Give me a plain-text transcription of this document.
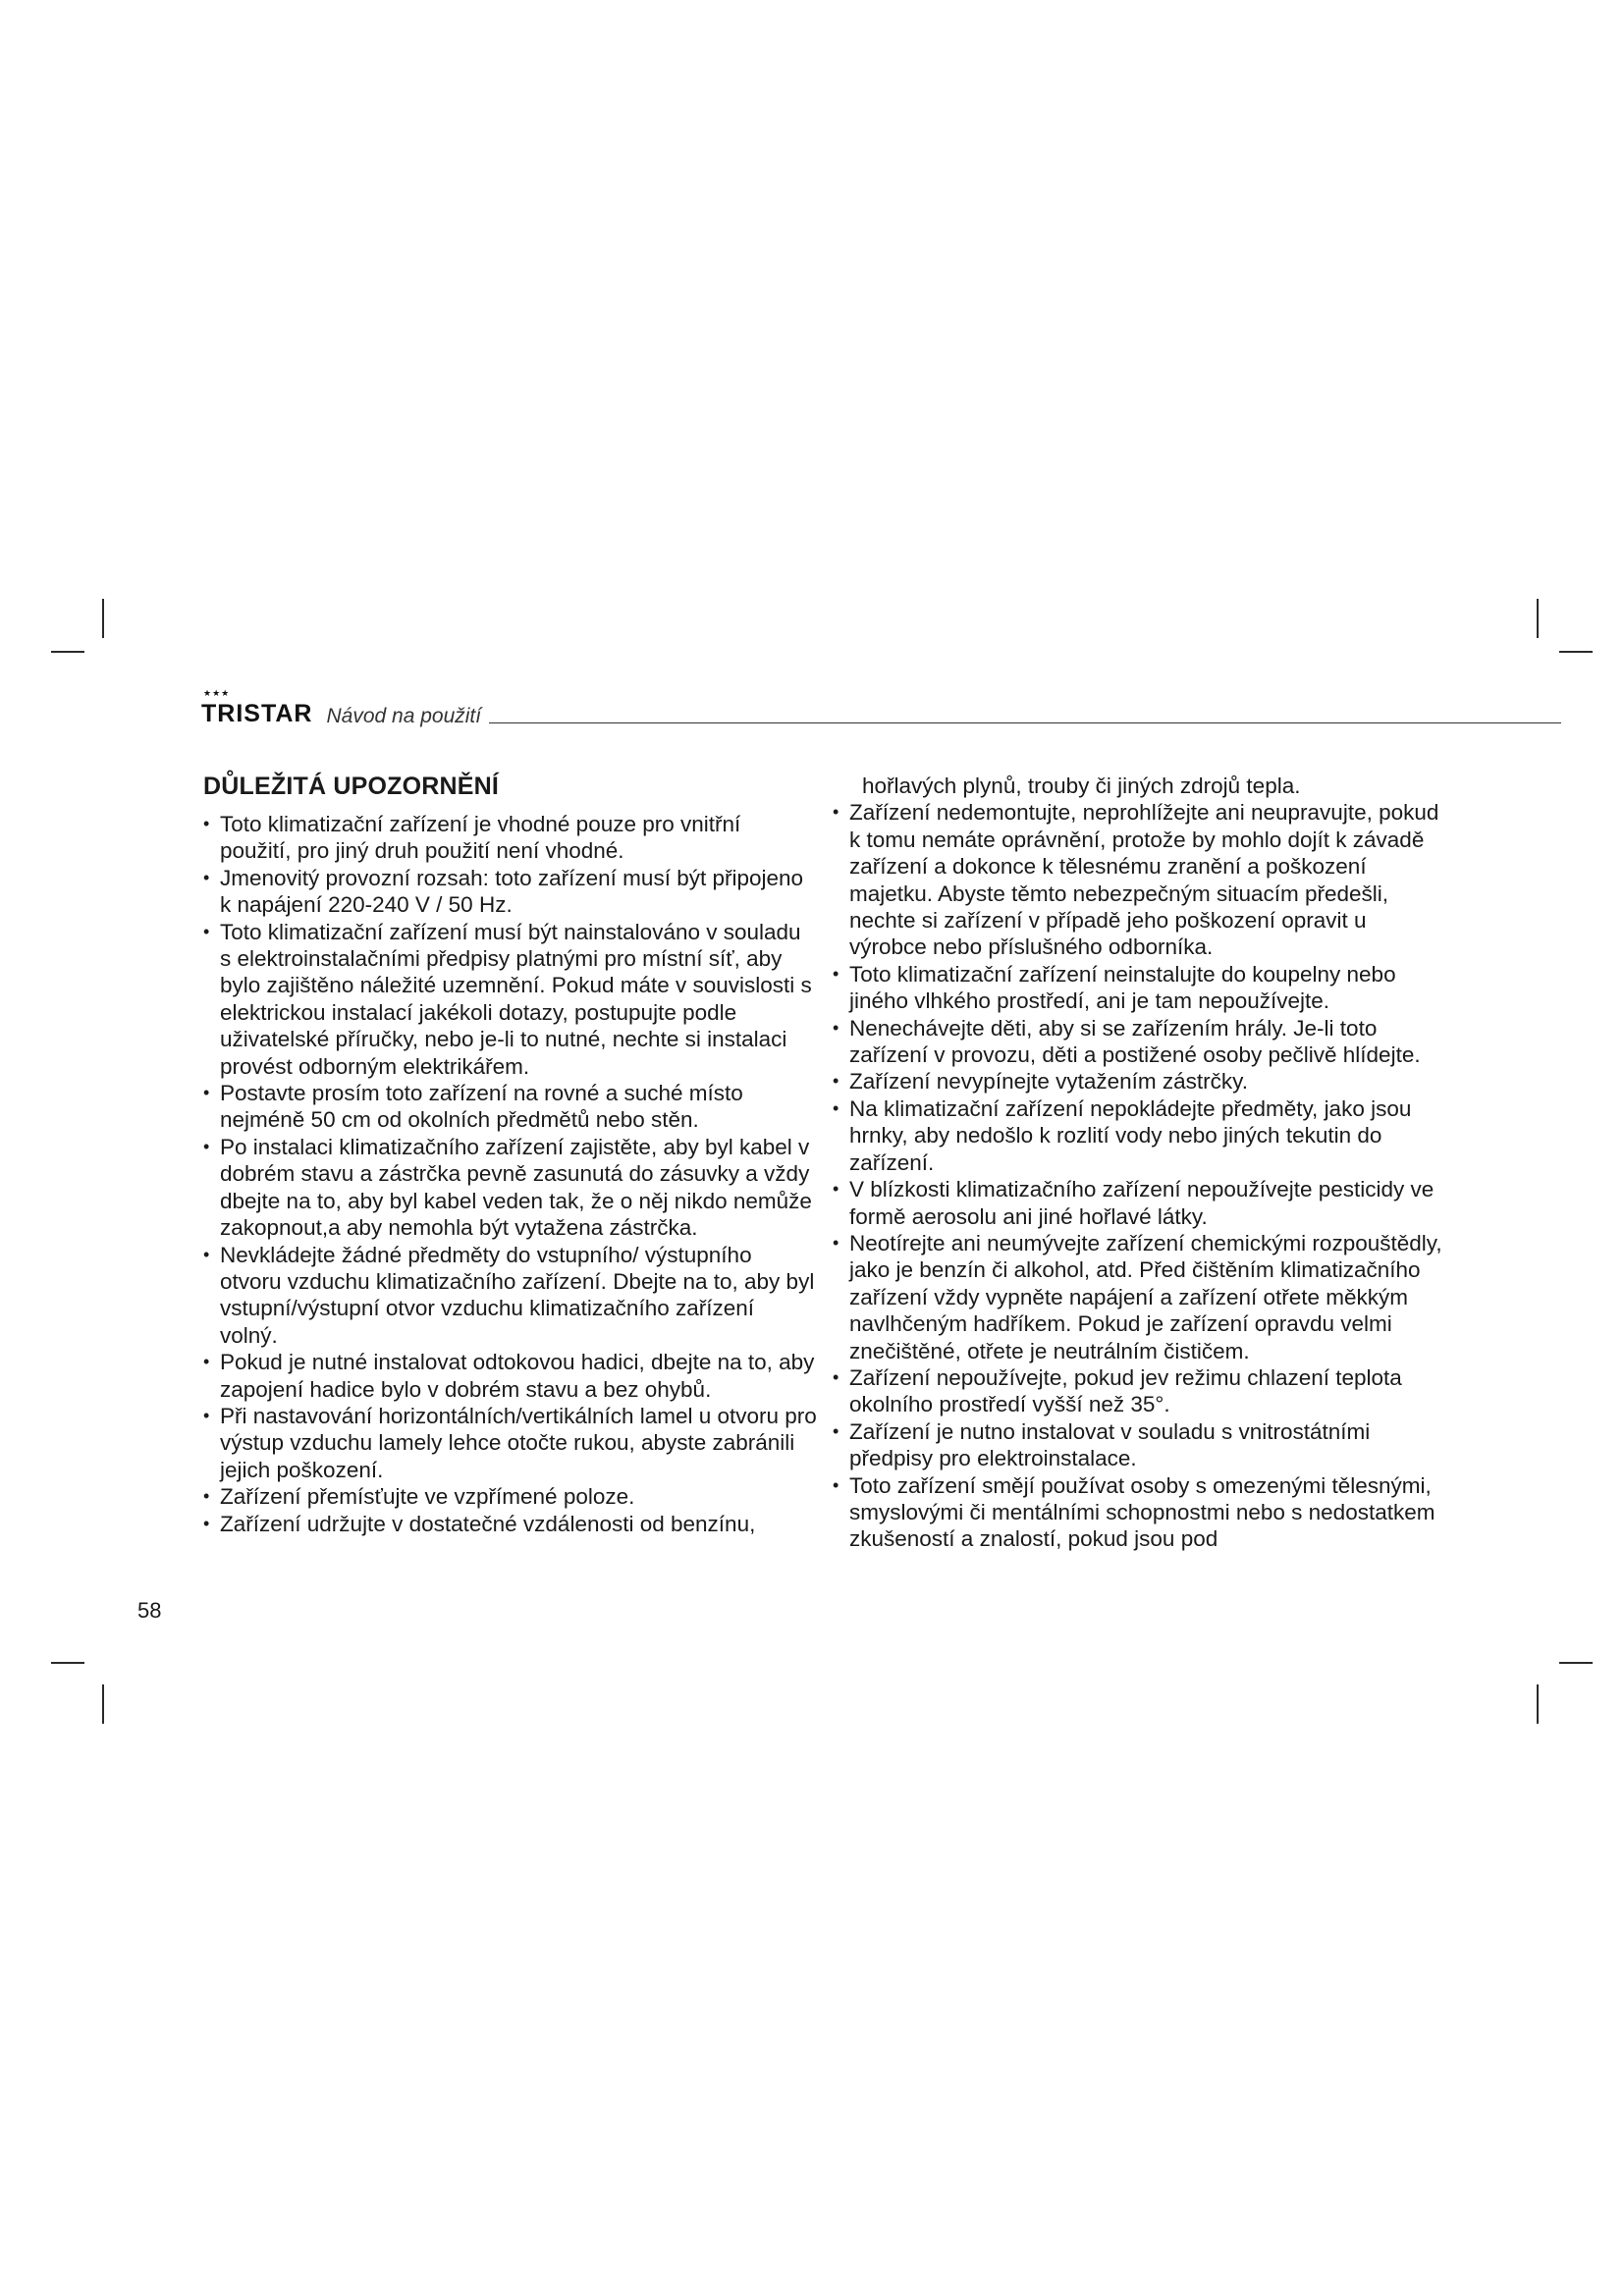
★★★
TRISTAR Návod na použití
DŮLEŽITÁ UPOZORNĚNÍ
• Toto klimatizační zařízení je vhodné pouze pro vnitřní použití, pro jiný druh použití není vhodné.
• Jmenovitý provozní rozsah: toto zařízení musí být připojeno k napájení 220-240 V / 50 Hz.
• Toto klimatizační zařízení musí být nainstalováno v souladu s elektroinstalačními předpisy platnými pro místní síť, aby bylo zajištěno náležité uzemnění. Pokud máte v souvislosti s elektrickou instalací jakékoli dotazy, postupujte podle uživatelské příručky, nebo je-li to nutné, nechte si instalaci provést odborným elektrikářem.
• Postavte prosím toto zařízení na rovné a suché místo nejméně 50 cm od okolních předmětů nebo stěn.
• Po instalaci klimatizačního zařízení zajistěte, aby byl kabel v dobrém stavu a zástrčka pevně zasunutá do zásuvky a vždy dbejte na to, aby byl kabel veden tak, že o něj nikdo nemůže zakopnout,a aby nemohla být vytažena zástrčka.
• Nevkládejte žádné předměty do vstupního/ výstupního otvoru vzduchu klimatizačního zařízení. Dbejte na to, aby byl vstupní/výstupní otvor vzduchu klimatizačního zařízení volný.
• Pokud je nutné instalovat odtokovou hadici, dbejte na to, aby zapojení hadice bylo v dobrém stavu a bez ohybů.
• Při nastavování horizontálních/vertikálních lamel u otvoru pro výstup vzduchu lamely lehce otočte rukou, abyste zabránili jejich poškození.
• Zařízení přemísťujte ve vzpřímené poloze.
• Zařízení udržujte v dostatečné vzdálenosti od benzínu,
hořlavých plynů, trouby či jiných zdrojů tepla.
• Zařízení nedemontujte, neprohlížejte ani neupravujte, pokud k tomu nemáte oprávnění, protože by mohlo dojít k závadě zařízení a dokonce k tělesnému zranění a poškození majetku. Abyste těmto nebezpečným situacím předešli, nechte si zařízení v případě jeho poškození opravit u výrobce nebo příslušného odborníka.
• Toto klimatizační zařízení neinstalujte do koupelny nebo jiného vlhkého prostředí, ani je tam nepoužívejte.
• Nenechávejte děti, aby si se zařízením hrály. Je-li toto zařízení v provozu, děti a postižené osoby pečlivě hlídejte.
• Zařízení nevypínejte vytažením zástrčky.
• Na klimatizační zařízení nepokládejte předměty, jako jsou hrnky, aby nedošlo k rozlití vody nebo jiných tekutin do zařízení.
• V blízkosti klimatizačního zařízení nepoužívejte pesticidy ve formě aerosolu ani jiné hořlavé látky.
• Neotírejte ani neumývejte zařízení chemickými rozpouštědly, jako je benzín či alkohol, atd. Před čištěním klimatizačního zařízení vždy vypněte napájení a zařízení otřete měkkým navlhčeným hadříkem. Pokud je zařízení opravdu velmi znečištěné, otřete je neutrálním čističem.
• Zařízení nepoužívejte, pokud jev režimu chlazení teplota okolního prostředí vyšší než 35°.
• Zařízení je nutno instalovat v souladu s vnitrostátními předpisy pro elektroinstalace.
• Toto zařízení smějí používat osoby s omezenými tělesnými, smyslovými či mentálními schopnostmi nebo s nedostatkem zkušeností a znalostí, pokud jsou pod
58
